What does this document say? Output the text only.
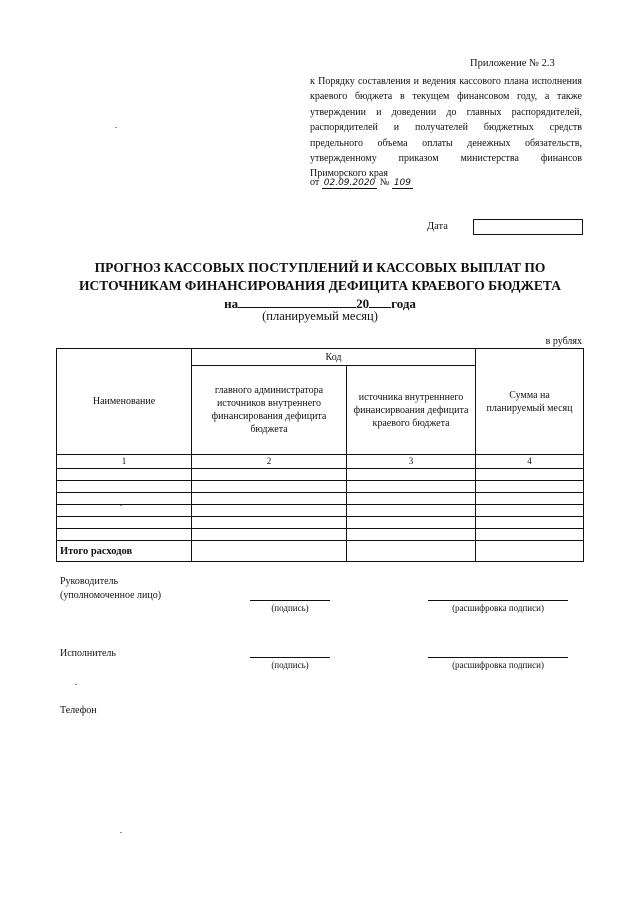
Приложение № 2.3
к Порядку составления и ведения кассового плана исполнения краевого бюджета в текущем финансовом году, а также утверждении и доведении до главных распорядителей, распорядителей и получателей бюджетных средств предельного объема оплаты денежных обязательств, утвержденному приказом министерства финансов Приморского края
от 02.09.2020 № 109
Дата
ПРОГНОЗ КАССОВЫХ ПОСТУПЛЕНИЙ И КАССОВЫХ ВЫПЛАТ ПО
ИСТОЧНИКАМ ФИНАНСИРОВАНИЯ ДЕФИЦИТА КРАЕВОГО БЮДЖЕТА
на	20 года
(планируемый месяц)
в рублях
Наименование	Код		Сумма на планируемый месяц
	главного администратора источников внутреннего финансирования дефицита бюджета	источника внутренннего финансирвоания дефицита краевого бюджета	
1	2	3	4

Итого расходов			
Руководитель
(уполномоченное лицо)
(подпись)	(расшифровка подписи)
Исполнитель
(подпись)	(расшифровка подписи)
Телефон
